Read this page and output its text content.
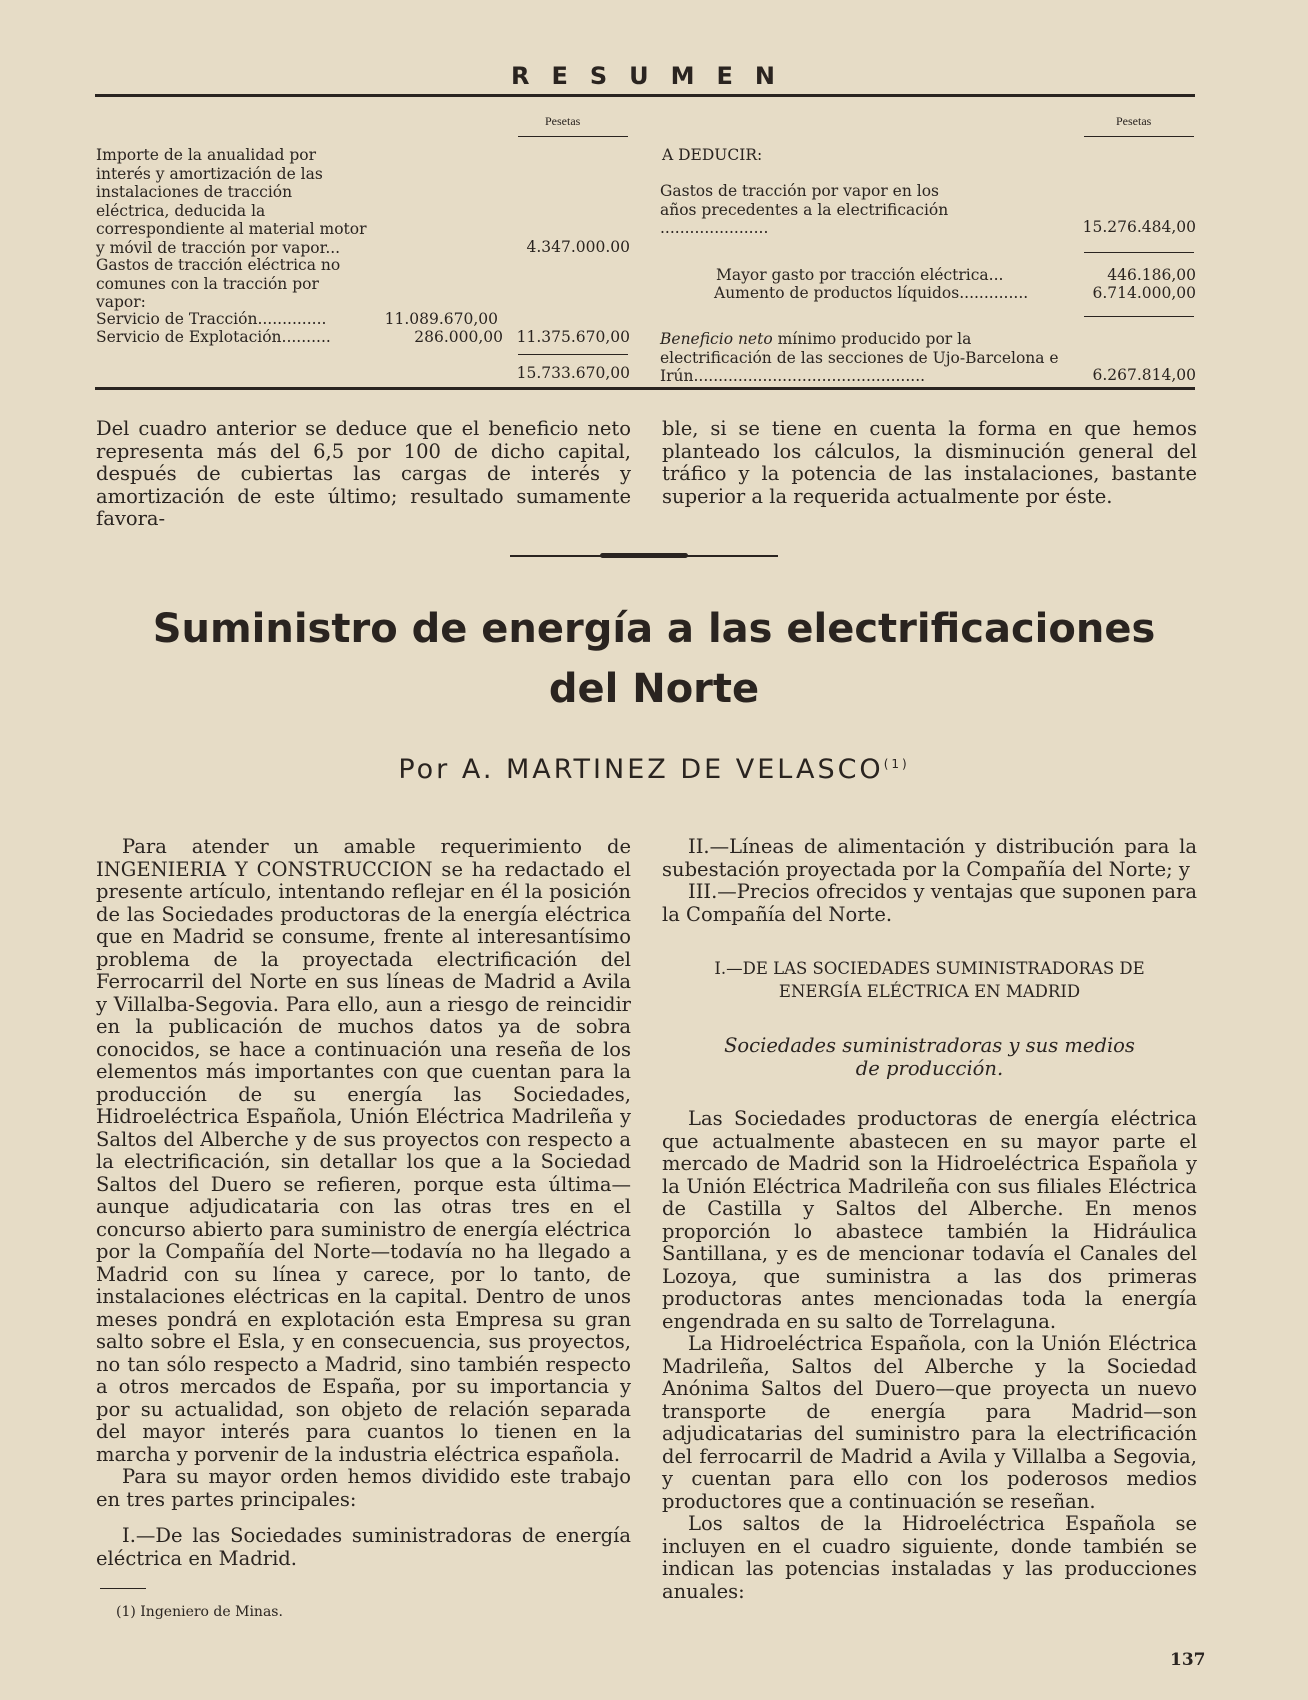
RESUMEN
Pesetas
Importe de la anualidad por interés y amortización de las instalaciones de tracción eléctrica, deducida la correspondiente al material motor y móvil de tracción por vapor...	4.347.000.00
Gastos de tracción eléctrica no comunes con la tracción por vapor:
Servicio de Tracción..............	11.089.670,00
Servicio de Explotación..........	286.000,00 11.375.670,00
15.733.670,00
Pesetas
A DEDUCIR:
Gastos de tracción por vapor en los años precedentes a la electrificación ......................	15.276.484,00
Mayor gasto por tracción eléctrica...	446.186,00
Aumento de productos líquidos..............	6.714.000,00
Beneficio neto mínimo producido por la electrificación de las secciones de Ujo-Barcelona e Irún...............................................	6.267.814,00
Del cuadro anterior se deduce que el beneficio neto representa más del 6,5 por 100 de dicho capital, después de cubiertas las cargas de interés y amortización de este último; resultado sumamente favora-
ble, si se tiene en cuenta la forma en que hemos planteado los cálculos, la disminución general del tráfico y la potencia de las instalaciones, bastante superior a la requerida actualmente por éste.
Suministro de energía a las electrificaciones
del Norte
Por A. MARTINEZ DE VELASCO$^{(1)}$

Para atender un amable requerimiento de INGENIERIA Y CONSTRUCCION se ha redactado el presente artículo, intentando reflejar en él la posición de las Sociedades productoras de la energía eléctrica que en Madrid se consume, frente al interesantísimo problema de la proyectada electrificación del Ferrocarril del Norte en sus líneas de Madrid a Avila y Villalba-Segovia. Para ello, aun a riesgo de reincidir en la publicación de muchos datos ya de sobra conocidos, se hace a continuación una reseña de los elementos más importantes con que cuentan para la producción de su energía las Sociedades, Hidroeléctrica Española, Unión Eléctrica Madrileña y Saltos del Alberche y de sus proyectos con respecto a la electrificación, sin detallar los que a la Sociedad Saltos del Duero se refieren, porque esta última—aunque adjudicataria con las otras tres en el concurso abierto para suministro de energía eléctrica por la Compañía del Norte—todavía no ha llegado a Madrid con su línea y carece, por lo tanto, de instalaciones eléctricas en la capital. Dentro de unos meses pondrá en explotación esta Empresa su gran salto sobre el Esla, y en consecuencia, sus proyectos, no tan sólo respecto a Madrid, sino también respecto a otros mercados de España, por su importancia y por su actualidad, son objeto de relación separada del mayor interés para cuantos lo tienen en la marcha y porvenir de la industria eléctrica española.

Para su mayor orden hemos dividido este trabajo en tres partes principales:

I.—De las Sociedades suministradoras de energía eléctrica en Madrid.

(1) Ingeniero de Minas.

II.—Líneas de alimentación y distribución para la subestación proyectada por la Compañía del Norte; y

III.—Precios ofrecidos y ventajas que suponen para la Compañía del Norte.

I.—DE LAS SOCIEDADES SUMINISTRADORAS DE ENERGÍA ELÉCTRICA EN MADRID

Sociedades suministradoras y sus medios de producción.

Las Sociedades productoras de energía eléctrica que actualmente abastecen en su mayor parte el mercado de Madrid son la Hidroeléctrica Española y la Unión Eléctrica Madrileña con sus filiales Eléctrica de Castilla y Saltos del Alberche. En menos proporción lo abastece también la Hidráulica Santillana, y es de mencionar todavía el Canales del Lozoya, que suministra a las dos primeras productoras antes mencionadas toda la energía engendrada en su salto de Torrelaguna.

La Hidroeléctrica Española, con la Unión Eléctrica Madrileña, Saltos del Alberche y la Sociedad Anónima Saltos del Duero—que proyecta un nuevo transporte de energía para Madrid—son adjudicatarias del suministro para la electrificación del ferrocarril de Madrid a Avila y Villalba a Segovia, y cuentan para ello con los poderosos medios productores que a continuación se reseñan.

Los saltos de la Hidroeléctrica Española se incluyen en el cuadro siguiente, donde también se indican las potencias instaladas y las producciones anuales:

137
